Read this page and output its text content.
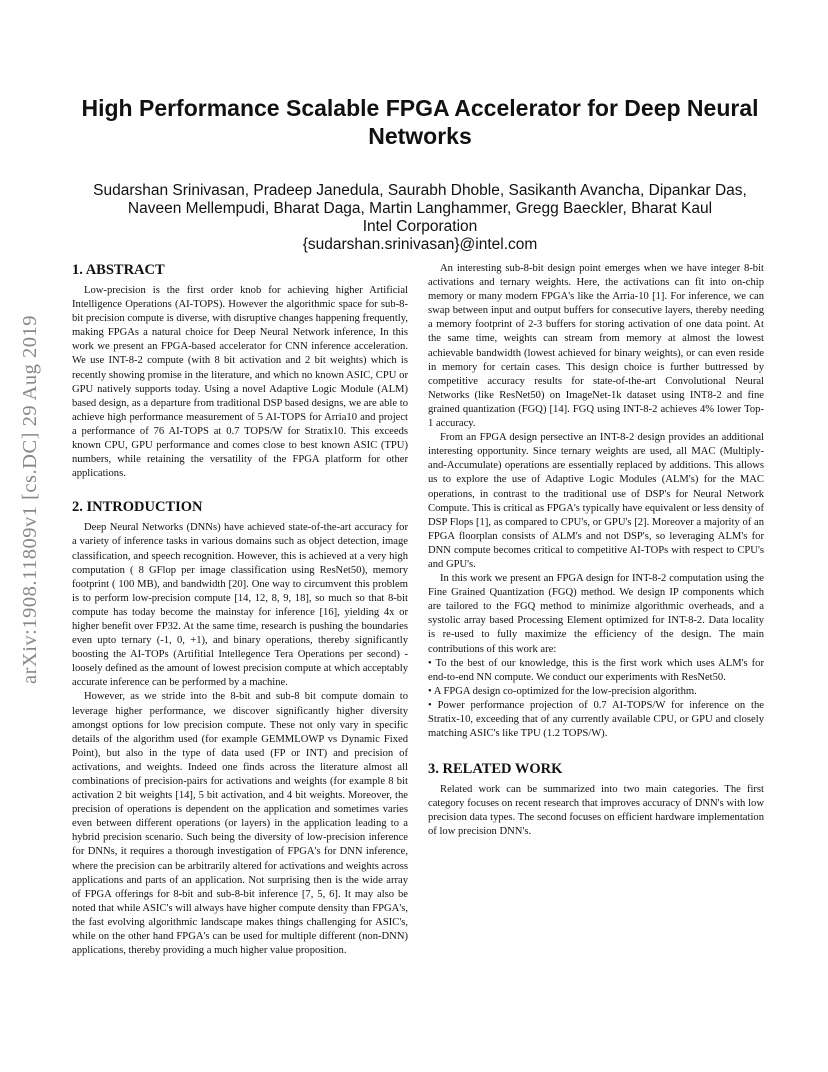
arXiv:1908.11809v1 [cs.DC] 29 Aug 2019
High Performance Scalable FPGA Accelerator for Deep Neural Networks
Sudarshan Srinivasan, Pradeep Janedula, Saurabh Dhoble, Sasikanth Avancha, Dipankar Das,
Naveen Mellempudi, Bharat Daga, Martin Langhammer, Gregg Baeckler, Bharat Kaul
Intel Corporation
{sudarshan.srinivasan}@intel.com
1. ABSTRACT

Low-precision is the first order knob for achieving higher Artificial Intelligence Operations (AI-TOPS). However the algorithmic space for sub-8-bit precision compute is diverse, with disruptive changes happening frequently, making FPGAs a natural choice for Deep Neural Network inference, In this work we present an FPGA-based accelerator for CNN inference acceleration. We use INT-8-2 compute (with 8 bit activation and 2 bit weights) which is recently showing promise in the literature, and which no known ASIC, CPU or GPU natively supports today. Using a novel Adaptive Logic Module (ALM) based design, as a departure from traditional DSP based designs, we are able to achieve high performance measurement of 5 AI-TOPS for Arria10 and project a performance of 76 AI-TOPS at 0.7 TOPS/W for Stratix10. This exceeds known CPU, GPU performance and comes close to best known ASIC (TPU) numbers, while retaining the versatility of the FPGA platform for other applications.

2. INTRODUCTION

Deep Neural Networks (DNNs) have achieved state-of-the-art accuracy for a variety of inference tasks in various domains such as object detection, image classification, and speech recognition. However, this is achieved at a very high computation ( 8 GFlop per image classification using ResNet50), memory footprint ( 100 MB), and bandwidth [20]. One way to circumvent this problem is to perform low-precision compute [14, 12, 8, 9, 18], so much so that 8-bit compute has today become the mainstay for inference [16], yielding 4x or higher benefit over FP32. At the same time, research is pushing the boundaries even upto ternary (-1, 0, +1), and binary operations, thereby significantly boosting the AI-TOPs (Artifitial Intellegence Tera Operations per second) - loosely defined as the amount of lowest precision compute at which acceptably accurate inference can be performed by a machine.

However, as we stride into the 8-bit and sub-8 bit compute domain to leverage higher performance, we discover significantly higher diversity amongst options for low precision compute. These not only vary in specific details of the algorithm used (for example GEMMLOWP vs Dynamic Fixed Point), but also in the type of data used (FP or INT) and precision of activations, and weights. Indeed one finds across the literature almost all combinations of precision-pairs for activations and weights (for example 8 bit activation 2 bit weights [14], 5 bit activation, and 4 bit weights. Moreover, the precision of operations is dependent on the application and sometimes varies even between different operations (or layers) in the application leading to a hybrid precision scenario. Such being the diversity of low-precision inference for DNNs, it requires a thorough investigation of FPGA's for DNN inference, where the precision can be arbitrarily altered for activations and weights across applications and parts of an application. Not surprising then is the wide array of FPGA offerings for 8-bit and sub-8-bit inference [7, 5, 6]. It may also be noted that while ASIC's will always have higher compute density than FPGA's, the fast evolving algorithmic landscape makes things challenging for ASIC's, while on the other hand FPGA's can be used for multiple different (non-DNN) applications, thereby providing a much higher value proposition.

An interesting sub-8-bit design point emerges when we have integer 8-bit activations and ternary weights. Here, the activations can fit into on-chip memory or many modern FPGA's like the Arria-10 [1]. For inference, we can swap between input and output buffers for consecutive layers, thereby needing a memory footprint of 2-3 buffers for storing activation of one data point. At the same time, weights can stream from memory at almost the lowest achievable bandwidth (lowest achieved for binary weights), or can even reside in memory for certain cases. This design choice is further buttressed by competitive accuracy results for state-of-the-art Convolutional Neural Networks (like ResNet50) on ImageNet-1k dataset using INT8-2 and fine grained quantization (FGQ) [14]. FGQ using INT-8-2 achieves 4% lower Top-1 accuracy.

From an FPGA design persective an INT-8-2 design provides an additional interesting opportunity. Since ternary weights are used, all MAC (Multiply-and-Accumulate) operations are essentially replaced by additions. This allows us to explore the use of Adaptive Logic Modules (ALM's) for the MAC operations, in contrast to the traditional use of DSP's for Neural Network Compute. This is critical as FPGA's typically have equivalent or less density of DSP Flops [1], as compared to CPU's, or GPU's [2]. Moreover a majority of an FPGA floorplan consists of ALM's and not DSP's, so leveraging ALM's for DNN compute becomes critical to competitive AI-TOPs with respect to CPU's and GPU's.

In this work we present an FPGA design for INT-8-2 computation using the Fine Grained Quantization (FGQ) method. We design IP components which are tailored to the FGQ method to minimize algorithmic overheads, and a systolic array based Processing Element optimized for INT-8-2. Data locality is re-used to fully maximize the efficiency of the design. The main contributions of this work are:

• To the best of our knowledge, this is the first work which uses ALM's for end-to-end NN compute. We conduct our experiments with ResNet50.

• A FPGA design co-optimized for the low-precision algorithm.

• Power performance projection of 0.7 AI-TOPS/W for inference on the Stratix-10, exceeding that of any currently available CPU, or GPU and closely matching ASIC's like TPU (1.2 TOPS/W).

3. RELATED WORK

Related work can be summarized into two main categories. The first category focuses on recent research that improves accuracy of DNN's with low precision data types. The second focuses on efficient hardware implementation of low precision DNN's.
